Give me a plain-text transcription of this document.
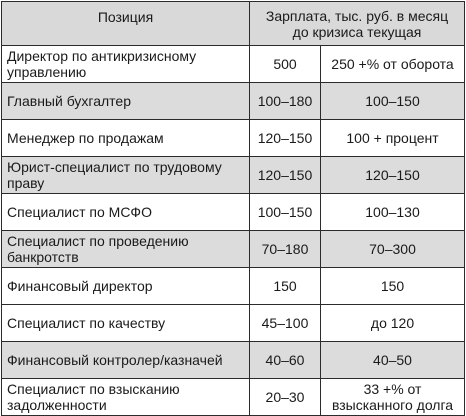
Позиция	Зарплата, тыс. руб. в месяц
до кризиса текущая	

Директор по антикризисному управлению	500	250 +% от оборота
Главный бухгалтер	100–180	100–150
Менеджер по продажам	120–150	100 + процент
Юрист-специалист по трудовому праву	120–150	120–150
Специалист по МСФО	100–150	100–130
Специалист по проведению банкротств	70–180	70–300
Финансовый директор	150	150
Специалист по качеству	45–100	до 120
Финансовый контролер/казначей	40–60	40–50
Специалист по взысканию задолженности	20–30	33 +% от взысканного долга
